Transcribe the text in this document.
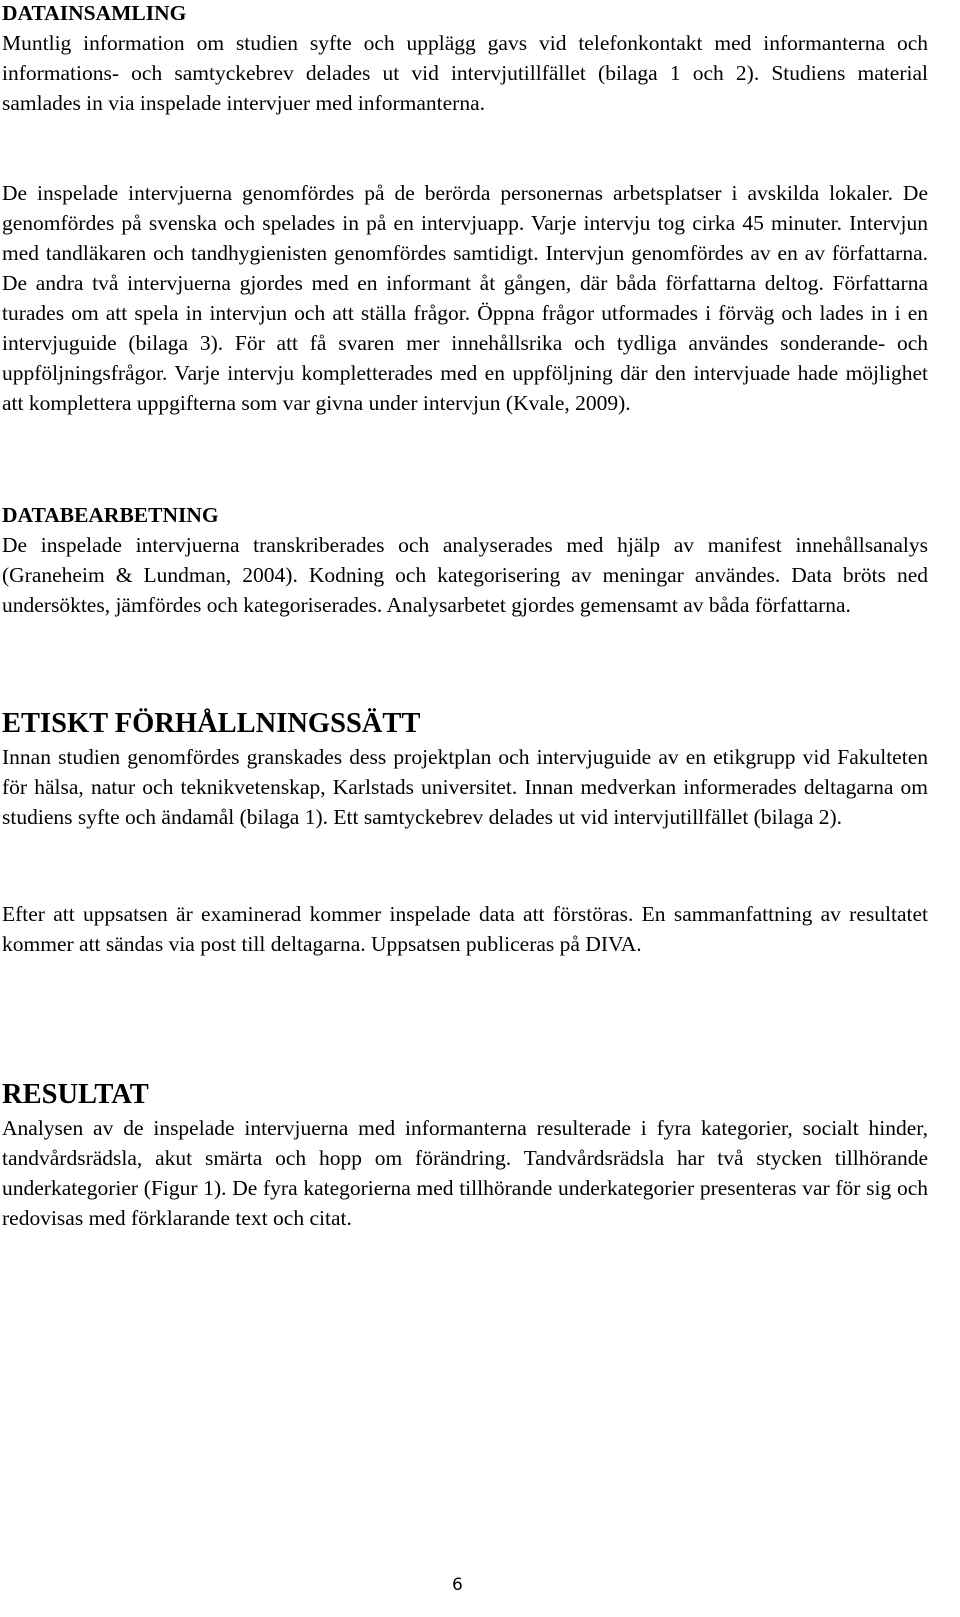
DATAINSAMLING

Muntlig information om studien syfte och upplägg gavs vid telefonkontakt med informanterna och informations- och samtyckebrev delades ut vid intervjutillfället (bilaga 1 och 2). Studiens material samlades in via inspelade intervjuer med informanterna.

De inspelade intervjuerna genomfördes på de berörda personernas arbetsplatser i avskilda lokaler. De genomfördes på svenska och spelades in på en intervjuapp. Varje intervju tog cirka 45 minuter. Intervjun med tandläkaren och tandhygienisten genomfördes samtidigt. Intervjun genomfördes av en av författarna. De andra två intervjuerna gjordes med en informant åt gången, där båda författarna deltog. Författarna turades om att spela in intervjun och att ställa frågor. Öppna frågor utformades i förväg och lades in i en intervjuguide (bilaga 3). För att få svaren mer innehållsrika och tydliga användes sonderande- och uppföljningsfrågor. Varje intervju kompletterades med en uppföljning där den intervjuade hade möjlighet att komplettera uppgifterna som var givna under intervjun (Kvale, 2009).

DATABEARBETNING

De inspelade intervjuerna transkriberades och analyserades med hjälp av manifest innehållsanalys (Graneheim & Lundman, 2004). Kodning och kategorisering av meningar användes. Data bröts ned undersöktes, jämfördes och kategoriserades. Analysarbetet gjordes gemensamt av båda författarna.

ETISKT FÖRHÅLLNINGSSÄTT

Innan studien genomfördes granskades dess projektplan och intervjuguide av en etikgrupp vid Fakulteten för hälsa, natur och teknikvetenskap, Karlstads universitet. Innan medverkan informerades deltagarna om studiens syfte och ändamål (bilaga 1). Ett samtyckebrev delades ut vid intervjutillfället (bilaga 2).

Efter att uppsatsen är examinerad kommer inspelade data att förstöras. En sammanfattning av resultatet kommer att sändas via post till deltagarna. Uppsatsen publiceras på DIVA.

RESULTAT

Analysen av de inspelade intervjuerna med informanterna resulterade i fyra kategorier, socialt hinder, tandvårdsrädsla, akut smärta och hopp om förändring. Tandvårdsrädsla har två stycken tillhörande underkategorier (Figur 1). De fyra kategorierna med tillhörande underkategorier presenteras var för sig och redovisas med förklarande text och citat.

6
